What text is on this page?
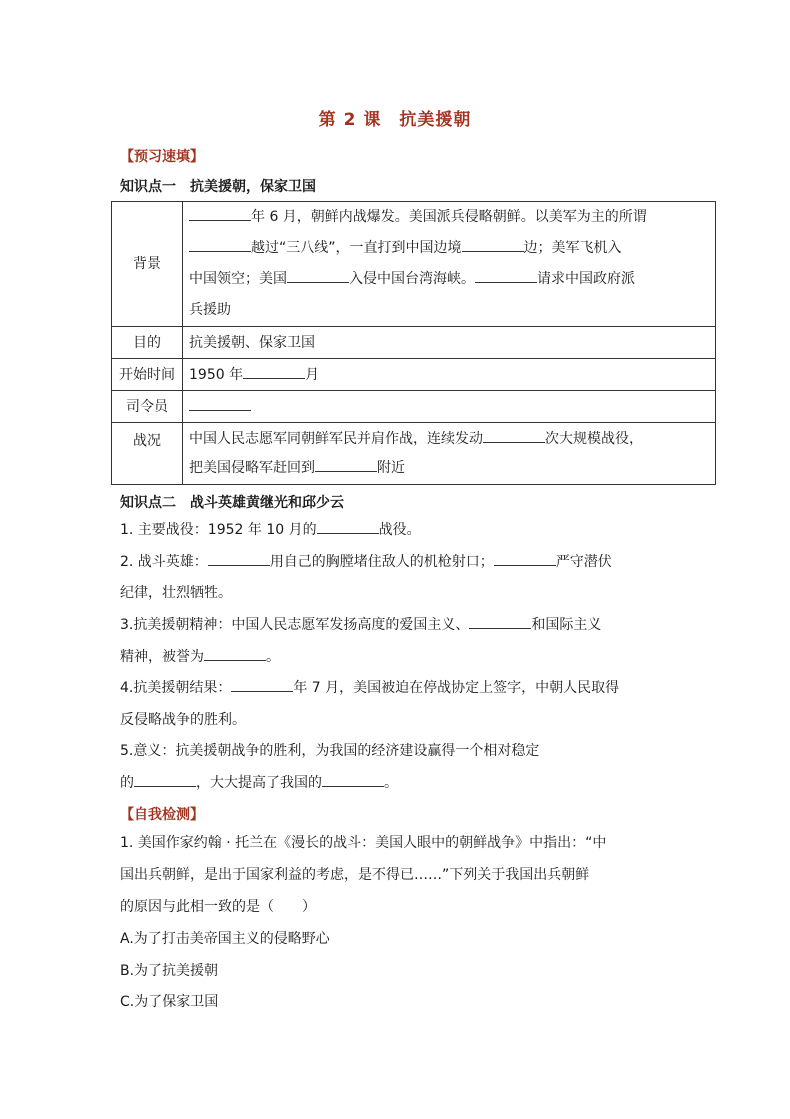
第 2 课　抗美援朝
【预习速填】
知识点一　抗美援朝，保家卫国
背景	年 6 月，朝鲜内战爆发。美国派兵侵略朝鲜。以美军为主的所谓
越过“三八线”，一直打到中国边境 边；美军飞机入
中国领空；美国 入侵中国台湾海峡。 请求中国政府派
兵援助

目的	抗美援朝、保家卫国
开始时间	1950 年 月
司令员	
战况	中国人民志愿军同朝鲜军民并肩作战，连续发动 次大规模战役，
把美国侵略军赶回到 附近
知识点二　战斗英雄黄继光和邱少云
1. 主要战役：1952 年 10 月的	战役。
2. 战斗英雄：	用自己的胸膛堵住敌人的机枪射口；	严守潜伏
纪律，壮烈牺牲。
3.抗美援朝精神：中国人民志愿军发扬高度的爱国主义、	和国际主义
精神，被誉为	。
4.抗美援朝结果：	年 7 月，美国被迫在停战协定上签字，中朝人民取得
反侵略战争的胜利。
5.意义：抗美援朝战争的胜利，为我国的经济建设赢得一个相对稳定
的	，大大提高了我国的	。
【自我检测】
1. 美国作家约翰 · 托兰在《漫长的战斗：美国人眼中的朝鲜战争》中指出：“中
国出兵朝鲜，是出于国家利益的考虑，是不得已……”下列关于我国出兵朝鲜
的原因与此相一致的是（　　）
A.为了打击美帝国主义的侵略野心
B.为了抗美援朝
C.为了保家卫国
